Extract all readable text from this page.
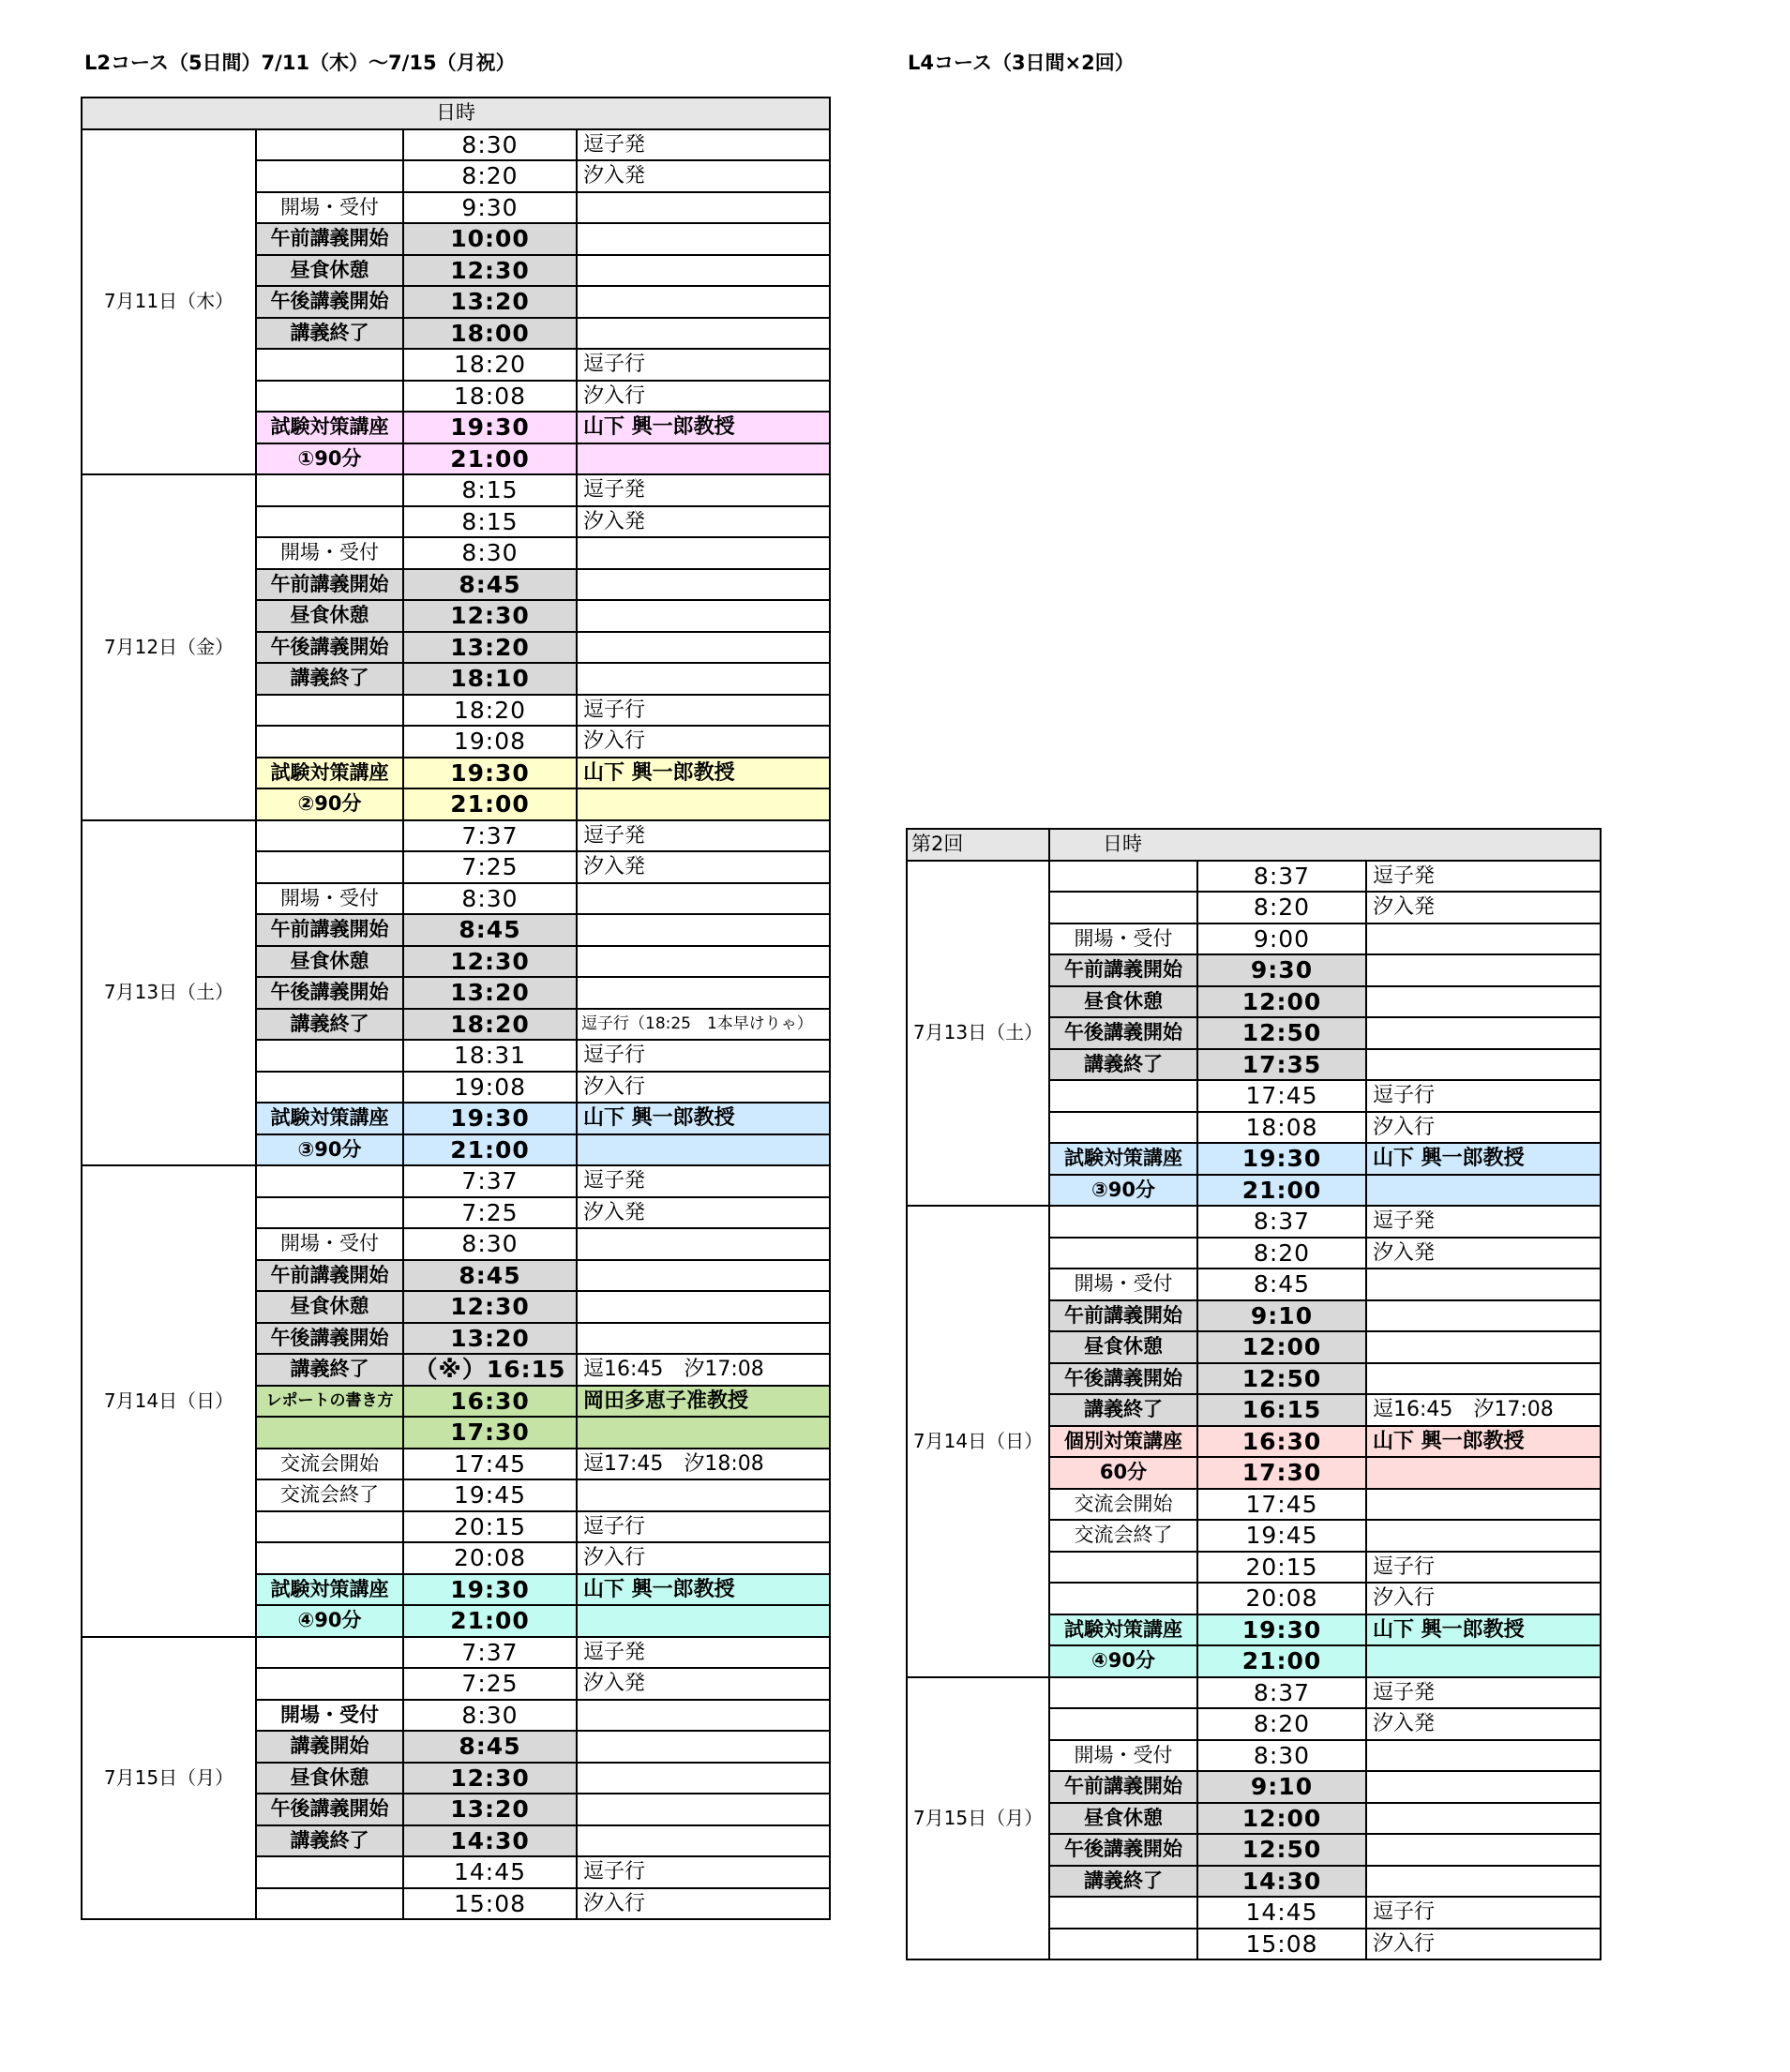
L2コース（5日間）7/11（木）～7/15（月祝）	L4コース（3日間×2回）
日時			
7月11日（木）		8:30	逗子発
		8:20	汐入発
	開場・受付	9:30	
	午前講義開始	10:00	
	昼食休憩	12:30	
	午後講義開始	13:20	
	講義終了	18:00	
		18:20	逗子行
		18:08	汐入行
	試験対策講座	19:30	山下 興一郎教授
	①90分	21:00	
7月12日（金）		8:15	逗子発
		8:15	汐入発
	開場・受付	8:30	
	午前講義開始	8:45	
	昼食休憩	12:30	
	午後講義開始	13:20	
	講義終了	18:10	
		18:20	逗子行
		19:08	汐入行
	試験対策講座	19:30	山下 興一郎教授
	②90分	21:00	
7月13日（土）		7:37	逗子発
		7:25	汐入発
	開場・受付	8:30	
	午前講義開始	8:45	
	昼食休憩	12:30	
	午後講義開始	13:20	
	講義終了	18:20	逗子行（18:25　1本早けりゃ）
		18:31	逗子行
		19:08	汐入行
	試験対策講座	19:30	山下 興一郎教授
	③90分	21:00	
7月14日（日）		7:37	逗子発
		7:25	汐入発
	開場・受付	8:30	
	午前講義開始	8:45	
	昼食休憩	12:30	
	午後講義開始	13:20	
	講義終了	（※）16:15	逗16:45　汐17:08
	レポートの書き方	16:30	岡田多恵子准教授
		17:30	
	交流会開始	17:45	逗17:45　汐18:08
	交流会終了	19:45	
		20:15	逗子行
		20:08	汐入行
	試験対策講座	19:30	山下 興一郎教授
	④90分	21:00	
7月15日（月）		7:37	逗子発
		7:25	汐入発
	開場・受付	8:30	
	講義開始	8:45	
	昼食休憩	12:30	
	午後講義開始	13:20	
	講義終了	14:30	
		14:45	逗子行
		15:08	汐入行
第2回	日時		
7月13日（土）		8:37	逗子発
		8:20	汐入発
	開場・受付	9:00	
	午前講義開始	9:30	
	昼食休憩	12:00	
	午後講義開始	12:50	
	講義終了	17:35	
		17:45	逗子行
		18:08	汐入行
	試験対策講座	19:30	山下 興一郎教授
	③90分	21:00	
7月14日（日）		8:37	逗子発
		8:20	汐入発
	開場・受付	8:45	
	午前講義開始	9:10	
	昼食休憩	12:00	
	午後講義開始	12:50	
	講義終了	16:15	逗16:45　汐17:08
	個別対策講座	16:30	山下 興一郎教授
	60分	17:30	
	交流会開始	17:45	
	交流会終了	19:45	
		20:15	逗子行
		20:08	汐入行
	試験対策講座	19:30	山下 興一郎教授
	④90分	21:00	
7月15日（月）		8:37	逗子発
		8:20	汐入発
	開場・受付	8:30	
	午前講義開始	9:10	
	昼食休憩	12:00	
	午後講義開始	12:50	
	講義終了	14:30	
		14:45	逗子行
		15:08	汐入行
